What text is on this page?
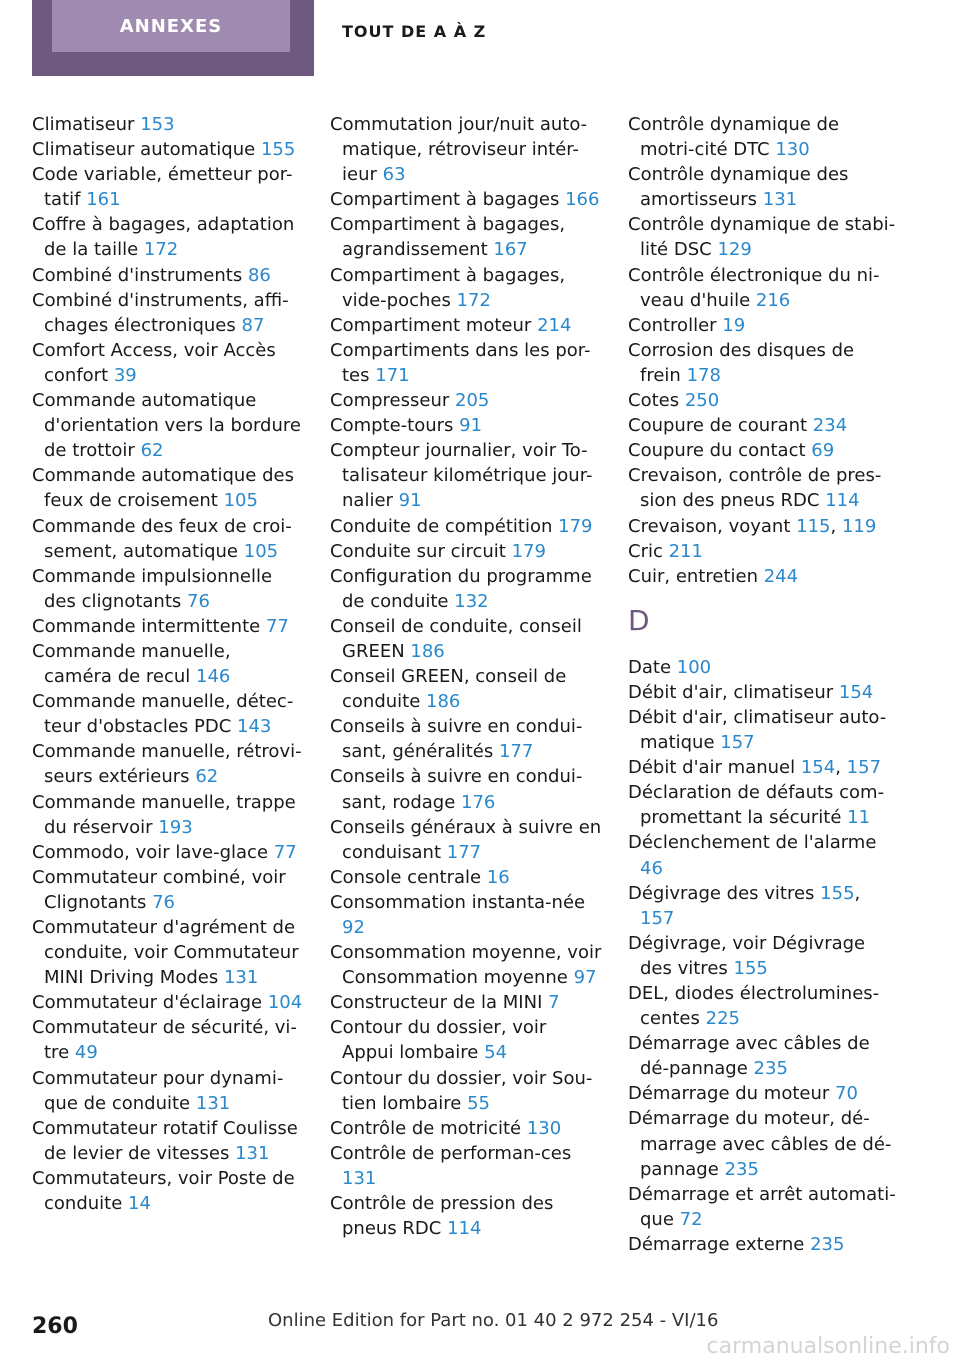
ANNEXES	TOUT DE A À Z
Climatiseur 153
Climatiseur automatique 155
Code variable, émetteur por-tatif 161
Coffre à bagages, adaptation de la taille 172
Combiné d'instruments 86
Combiné d'instruments, affi-chages électroniques 87
Comfort Access, voir Accès confort 39
Commande automatique d'orientation vers la bordure de trottoir 62
Commande automatique des feux de croisement 105
Commande des feux de croi-sement, automatique 105
Commande impulsionnelle des clignotants 76
Commande intermittente 77
Commande manuelle, caméra de recul 146
Commande manuelle, détec-teur d'obstacles PDC 143
Commande manuelle, rétrovi-seurs extérieurs 62
Commande manuelle, trappe du réservoir 193
Commodo, voir lave-glace 77
Commutateur combiné, voir Clignotants 76
Commutateur d'agrément de conduite, voir Commutateur MINI Driving Modes 131
Commutateur d'éclairage 104
Commutateur de sécurité, vi-tre 49
Commutateur pour dynami-que de conduite 131
Commutateur rotatif Coulisse de levier de vitesses 131
Commutateurs, voir Poste de conduite 14
Commutation jour/nuit auto-matique, rétroviseur intér-ieur 63
Compartiment à bagages 166
Compartiment à bagages, agrandissement 167
Compartiment à bagages, vide-poches 172
Compartiment moteur 214
Compartiments dans les por-tes 171
Compresseur 205
Compte-tours 91
Compteur journalier, voir To-talisateur kilométrique jour-nalier 91
Conduite de compétition 179
Conduite sur circuit 179
Configuration du programme de conduite 132
Conseil de conduite, conseil GREEN 186
Conseil GREEN, conseil de conduite 186
Conseils à suivre en condui-sant, généralités 177
Conseils à suivre en condui-sant, rodage 176
Conseils généraux à suivre en conduisant 177
Console centrale 16
Consommation instanta-née 92
Consommation moyenne, voir Consommation moyenne 97
Constructeur de la MINI 7
Contour du dossier, voir Appui lombaire 54
Contour du dossier, voir Sou-tien lombaire 55
Contrôle de motricité 130
Contrôle de performan-ces 131
Contrôle de pression des pneus RDC 114
Contrôle dynamique de motri-cité DTC 130
Contrôle dynamique des amortisseurs 131
Contrôle dynamique de stabi-lité DSC 129
Contrôle électronique du ni-veau d'huile 216
Controller 19
Corrosion des disques de frein 178
Cotes 250
Coupure de courant 234
Coupure du contact 69
Crevaison, contrôle de pres-sion des pneus RDC 114
Crevaison, voyant 115, 119
Cric 211
Cuir, entretien 244
D
Date 100
Débit d'air, climatiseur 154
Débit d'air, climatiseur auto-matique 157
Débit d'air manuel 154, 157
Déclaration de défauts com-promettant la sécurité 11
Déclenchement de l'alarme 46
Dégivrage des vitres 155, 157
Dégivrage, voir Dégivrage des vitres 155
DEL, diodes électrolumines-centes 225
Démarrage avec câbles de dé-pannage 235
Démarrage du moteur 70
Démarrage du moteur, dé-marrage avec câbles de dé-pannage 235
Démarrage et arrêt automati-que 72
Démarrage externe 235
260	Online Edition for Part no. 01 40 2 972 254 - VI/16
carmanualsonline.info
